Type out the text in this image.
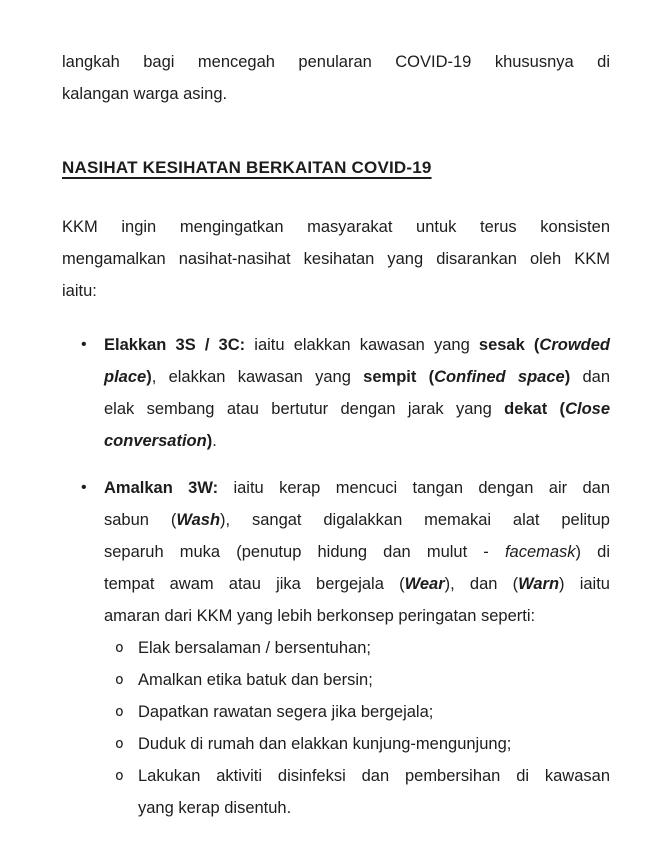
langkah bagi mencegah penularan COVID-19 khususnya di
kalangan warga asing.

NASIHAT KESIHATAN BERKAITAN COVID-19

KKM ingin mengingatkan masyarakat untuk terus konsisten
mengamalkan nasihat-nasihat kesihatan yang disarankan oleh KKM
iaitu:

•	Elakkan 3S / 3C: iaitu elakkan kawasan yang sesak (Crowded
place), elakkan kawasan yang sempit (Confined space) dan
elak sembang atau bertutur dengan jarak yang dekat (Close
conversation).
•	Amalkan 3W: iaitu kerap mencuci tangan dengan air dan
sabun (Wash), sangat digalakkan memakai alat pelitup
separuh muka (penutup hidung dan mulut - facemask) di
tempat awam atau jika bergejala (Wear), dan (Warn) iaitu
amaran dari KKM yang lebih berkonsep peringatan seperti:
o Elak bersalaman / bersentuhan;
o Amalkan etika batuk dan bersin;
o Dapatkan rawatan segera jika bergejala;
o Duduk di rumah dan elakkan kunjung-mengunjung;
o Lakukan aktiviti disinfeksi dan pembersihan di kawasan
yang kerap disentuh.
